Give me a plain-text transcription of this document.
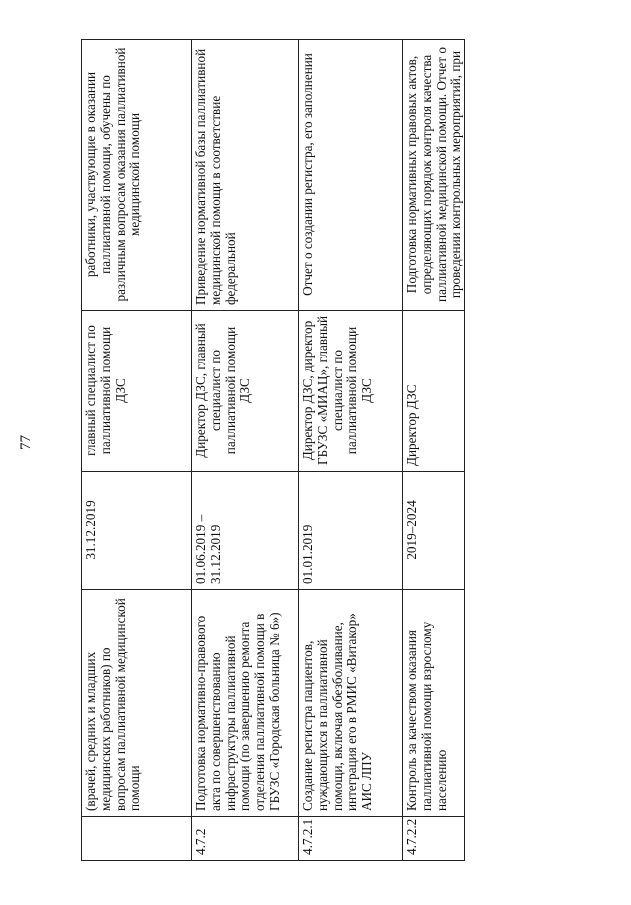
77
	(врачей, средних и младших медицинских работников) по вопросам паллиативной медицинской помощи	31.12.2019	главный специалист по паллиативной помощи ДЗС	работники, участвующие в оказании паллиативной помощи, обучены по различным вопросам оказания паллиативной медицинской помощи
4.7.2	Подготовка нормативно-правового акта по совершенствованию инфраструктуры паллиативной помощи (по завершению ремонта отделения паллиативной помощи в ГБУЗС «Городская больница № 6»)	01.06.2019 – 31.12.2019	Директор ДЗС, главный специалист по паллиативной помощи ДЗС	Приведение нормативной базы паллиативной медицинской помощи в соответствие федеральной
4.7.2.1	Создание регистра пациентов, нуждающихся в паллиативной помощи, включая обезболивание, интеграция его в РМИС «Витакор» АИС ЛПУ	01.01.2019	Директор ДЗС, директор ГБУЗС «МИАЦ», главный специалист по паллиативной помощи ДЗС	Отчет о создании регистра, его заполнении
4.7.2.2	Контроль за качеством оказания паллиативной помощи взрослому населению	2019–2024	Директор ДЗС	Подготовка нормативных правовых актов, определяющих порядок контроля качества паллиативной медицинской помощи. Отчет о проведении контрольных мероприятий, при
